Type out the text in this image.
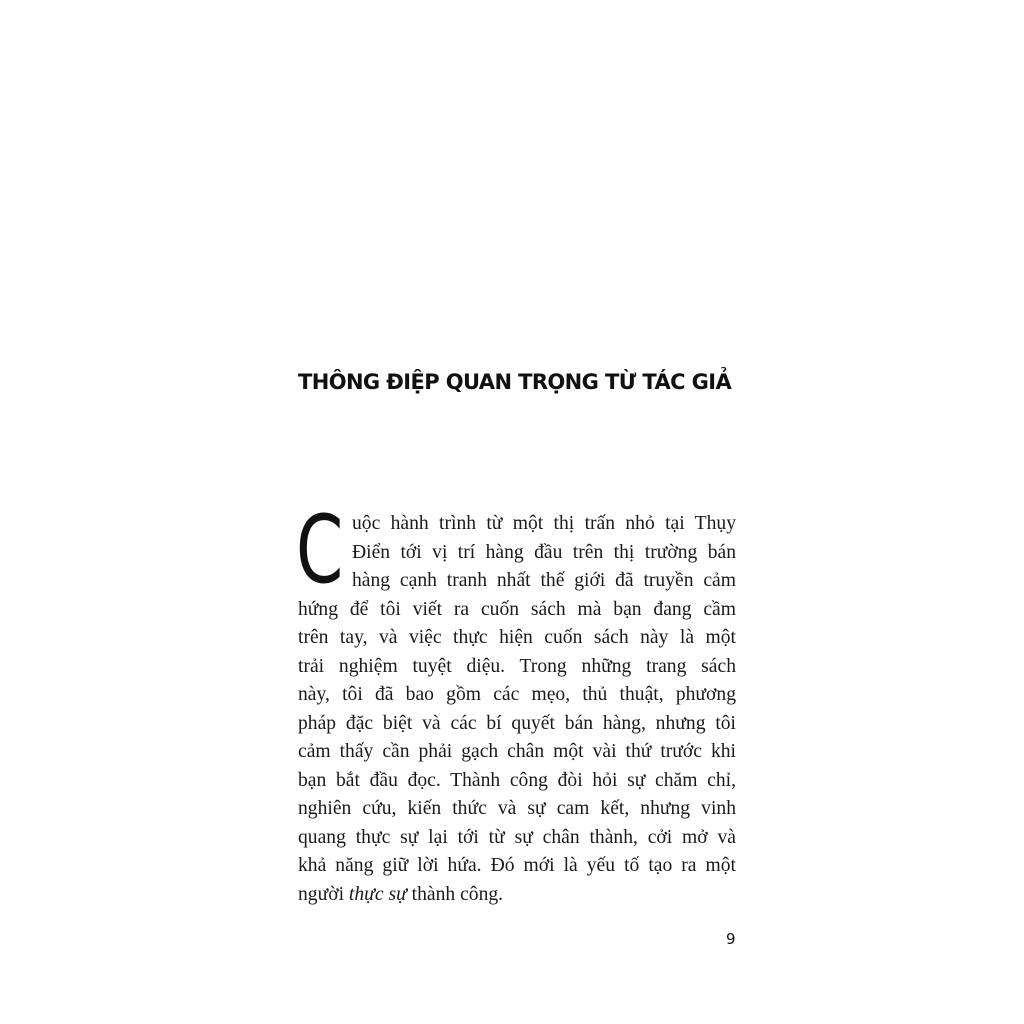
THÔNG ĐIỆP QUAN TRỌNG TỪ TÁC GIẢ
C uộc hành trình từ một thị trấn nhỏ tại Thụy
Điển tới vị trí hàng đầu trên thị trường bán
hàng cạnh tranh nhất thế giới đã truyền cảm
hứng để tôi viết ra cuốn sách mà bạn đang cầm
trên tay, và việc thực hiện cuốn sách này là một
trải nghiệm tuyệt diệu. Trong những trang sách
này, tôi đã bao gồm các mẹo, thủ thuật, phương
pháp đặc biệt và các bí quyết bán hàng, nhưng tôi
cảm thấy cần phải gạch chân một vài thứ trước khi
bạn bắt đầu đọc. Thành công đòi hỏi sự chăm chỉ,
nghiên cứu, kiến thức và sự cam kết, nhưng vinh
quang thực sự lại tới từ sự chân thành, cởi mở và
khả năng giữ lời hứa. Đó mới là yếu tố tạo ra một
người thực sự thành công.

9
